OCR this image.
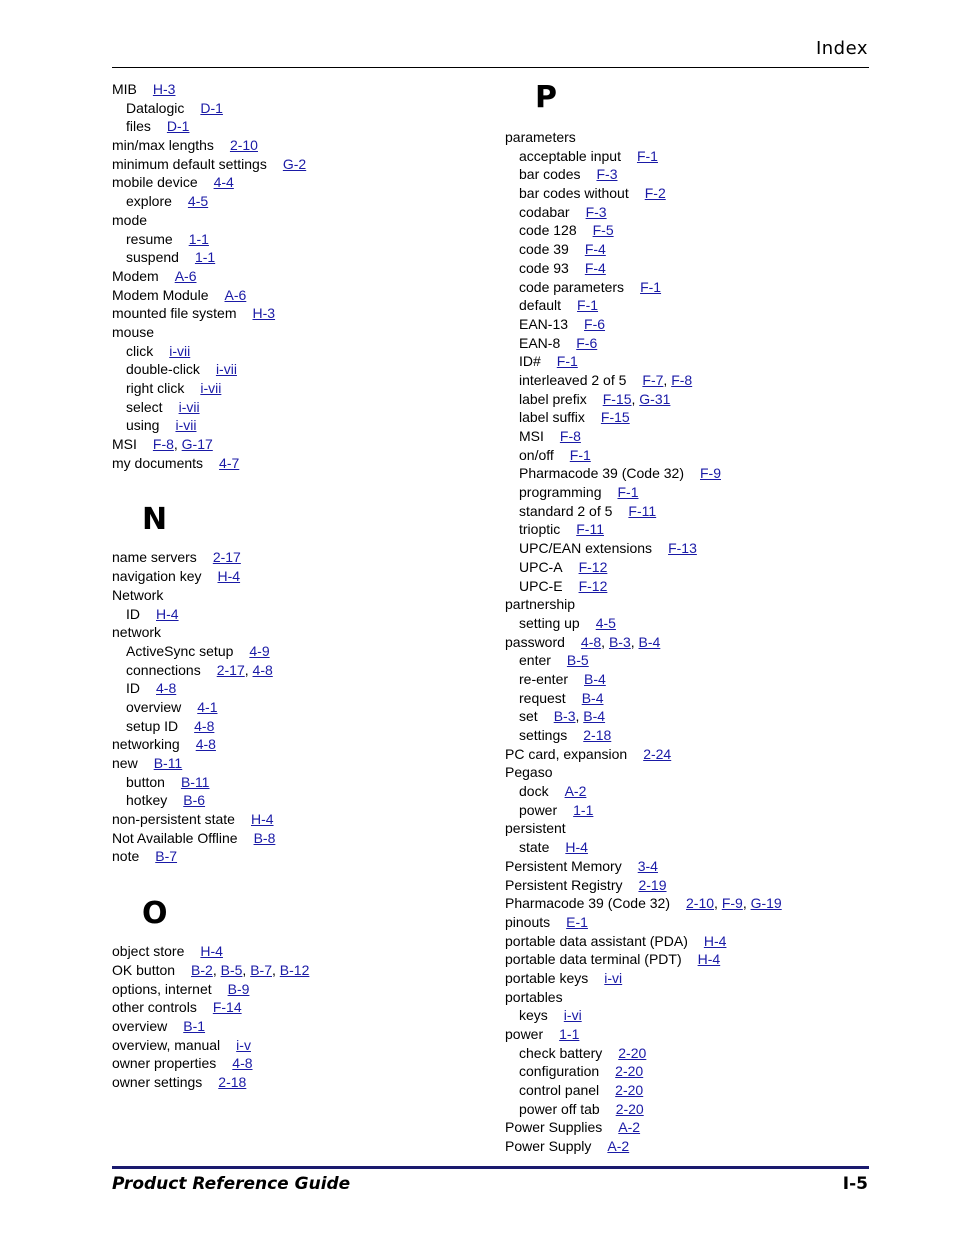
Index
MIB H-3
Datalogic D-1
files D-1
min/max lengths 2-10
minimum default settings G-2
mobile device 4-4
explore 4-5
mode
resume 1-1
suspend 1-1
Modem A-6
Modem Module A-6
mounted file system H-3
mouse
click i-vii
double-click i-vii
right click i-vii
select i-vii
using i-vii
MSI F-8, G-17
my documents 4-7
N
name servers 2-17
navigation key H-4
Network
ID H-4
network
ActiveSync setup 4-9
connections 2-17, 4-8
ID 4-8
overview 4-1
setup ID 4-8
networking 4-8
new B-11
button B-11
hotkey B-6
non-persistent state H-4
Not Available Offline B-8
note B-7
O
object store H-4
OK button B-2, B-5, B-7, B-12
options, internet B-9
other controls F-14
overview B-1
overview, manual i-v
owner properties 4-8
owner settings 2-18
P
parameters
acceptable input F-1
bar codes F-3
bar codes without F-2
codabar F-3
code 128 F-5
code 39 F-4
code 93 F-4
code parameters F-1
default F-1
EAN-13 F-6
EAN-8 F-6
ID# F-1
interleaved 2 of 5 F-7, F-8
label prefix F-15, G-31
label suffix F-15
MSI F-8
on/off F-1
Pharmacode 39 (Code 32) F-9
programming F-1
standard 2 of 5 F-11
trioptic F-11
UPC/EAN extensions F-13
UPC-A F-12
UPC-E F-12
partnership
setting up 4-5
password 4-8, B-3, B-4
enter B-5
re-enter B-4
request B-4
set B-3, B-4
settings 2-18
PC card, expansion 2-24
Pegaso
dock A-2
power 1-1
persistent
state H-4
Persistent Memory 3-4
Persistent Registry 2-19
Pharmacode 39 (Code 32) 2-10, F-9, G-19
pinouts E-1
portable data assistant (PDA) H-4
portable data terminal (PDT) H-4
portable keys i-vi
portables
keys i-vi
power 1-1
check battery 2-20
configuration 2-20
control panel 2-20
power off tab 2-20
Power Supplies A-2
Power Supply A-2
Product Reference Guide	I-5
